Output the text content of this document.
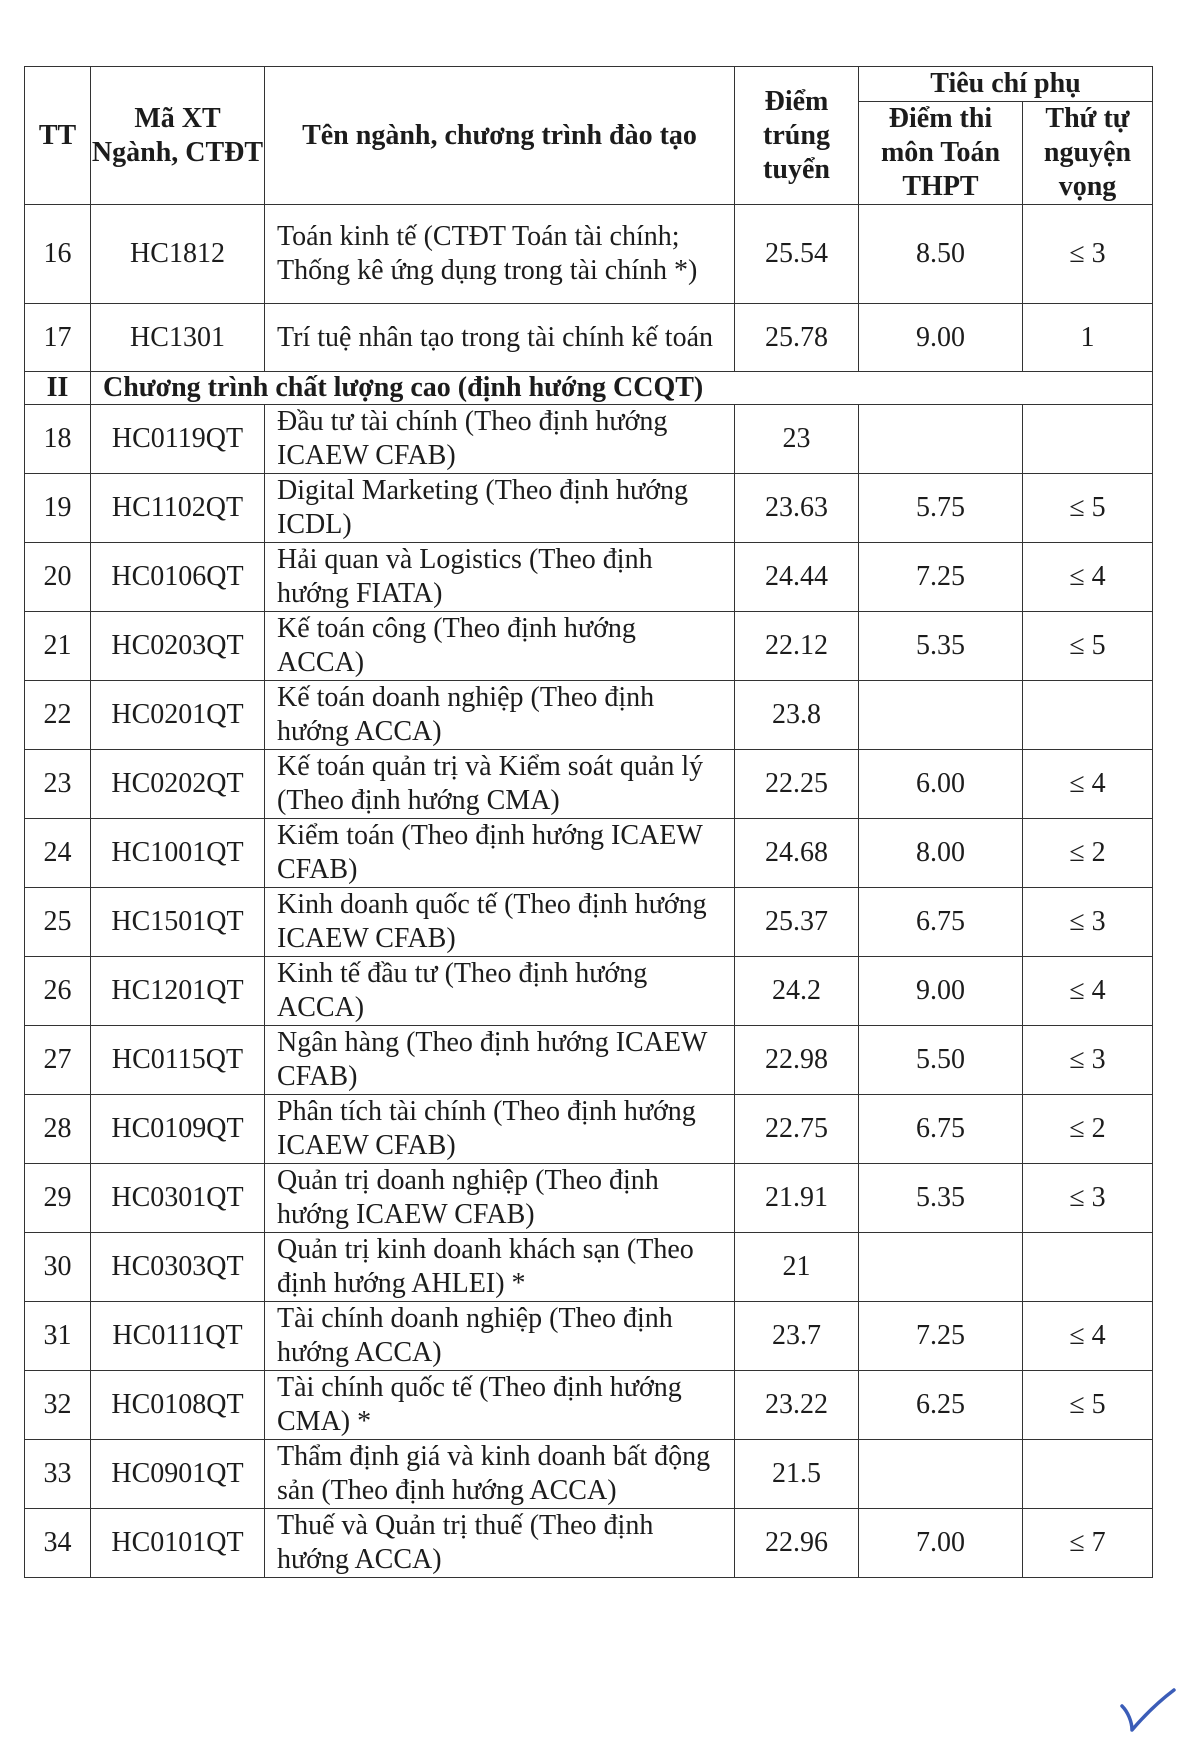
TT	Mã XT Ngành, CTĐT	Tên ngành, chương trình đào tạo	Điểm trúng tuyển	Tiêu chí phụ	
				Điểm thi môn Toán THPT	Thứ tự nguyện vọng
16	HC1812	Toán kinh tế (CTĐT Toán tài chính; Thống kê ứng dụng trong tài chính *)	25.54	8.50	≤ 3
17	HC1301	Trí tuệ nhân tạo trong tài chính kế toán	25.78	9.00	1
II	Chương trình chất lượng cao (định hướng CCQT)				
18	HC0119QT	Đầu tư tài chính (Theo định hướng ICAEW CFAB)	23		
19	HC1102QT	Digital Marketing (Theo định hướng ICDL)	23.63	5.75	≤ 5
20	HC0106QT	Hải quan và Logistics (Theo định hướng FIATA)	24.44	7.25	≤ 4
21	HC0203QT	Kế toán công (Theo định hướng ACCA)	22.12	5.35	≤ 5
22	HC0201QT	Kế toán doanh nghiệp (Theo định hướng ACCA)	23.8		
23	HC0202QT	Kế toán quản trị và Kiểm soát quản lý (Theo định hướng CMA)	22.25	6.00	≤ 4
24	HC1001QT	Kiểm toán (Theo định hướng ICAEW CFAB)	24.68	8.00	≤ 2
25	HC1501QT	Kinh doanh quốc tế (Theo định hướng ICAEW CFAB)	25.37	6.75	≤ 3
26	HC1201QT	Kinh tế đầu tư (Theo định hướng ACCA)	24.2	9.00	≤ 4
27	HC0115QT	Ngân hàng (Theo định hướng ICAEW CFAB)	22.98	5.50	≤ 3
28	HC0109QT	Phân tích tài chính (Theo định hướng ICAEW CFAB)	22.75	6.75	≤ 2
29	HC0301QT	Quản trị doanh nghiệp (Theo định hướng ICAEW CFAB)	21.91	5.35	≤ 3
30	HC0303QT	Quản trị kinh doanh khách sạn (Theo định hướng AHLEI) *	21		
31	HC0111QT	Tài chính doanh nghiệp (Theo định hướng ACCA)	23.7	7.25	≤ 4
32	HC0108QT	Tài chính quốc tế (Theo định hướng CMA) *	23.22	6.25	≤ 5
33	HC0901QT	Thẩm định giá và kinh doanh bất động sản (Theo định hướng ACCA)	21.5		
34	HC0101QT	Thuế và Quản trị thuế (Theo định hướng ACCA)	22.96	7.00	≤ 7
